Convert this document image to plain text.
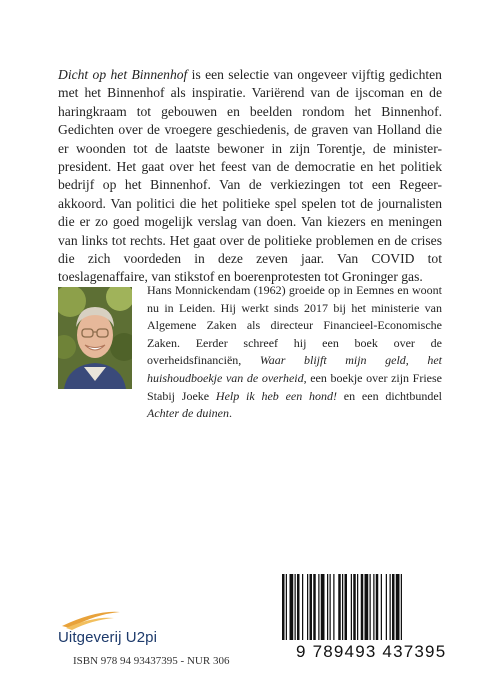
Dicht op het Binnenhof is een selectie van ongeveer vijftig gedichten met het Binnenhof als inspiratie. Variërend van de ijscoman en de haringkraam tot gebouwen en beelden rondom het Binnenhof. Gedichten over de vroegere geschiedenis, de graven van Holland die er woonden tot de laatste bewoner in zijn Torentje, de minister-president. Het gaat over het feest van de democratie en het politiek bedrijf op het Binnenhof. Van de verkiezingen tot een Regeer-akkoord. Van politici die het politieke spel spelen tot de journalisten die er zo goed mogelijk verslag van doen. Van kiezers en meningen van links tot rechts. Het gaat over de politieke problemen en de crises die zich voordeden in deze zeven jaar. Van COVID tot toeslagenaffaire, van stikstof en boerenprotesten tot Groninger gas.

Hans Monnickendam (1962) groeide op in Eemnes en woont nu in Leiden. Hij werkt sinds 2017 bij het ministerie van Algemene Zaken als directeur Financieel-Economische Zaken. Eerder schreef hij een boek over de overheidsfinanciën, Waar blijft mijn geld, het huishoudboekje van de overheid, een boekje over zijn Friese Stabij Joeke Help ik heb een hond! en een dichtbundel Achter de duinen.

Uitgeverij U2pi
ISBN 978 94 93437395 - NUR 306	9 789493 437395
